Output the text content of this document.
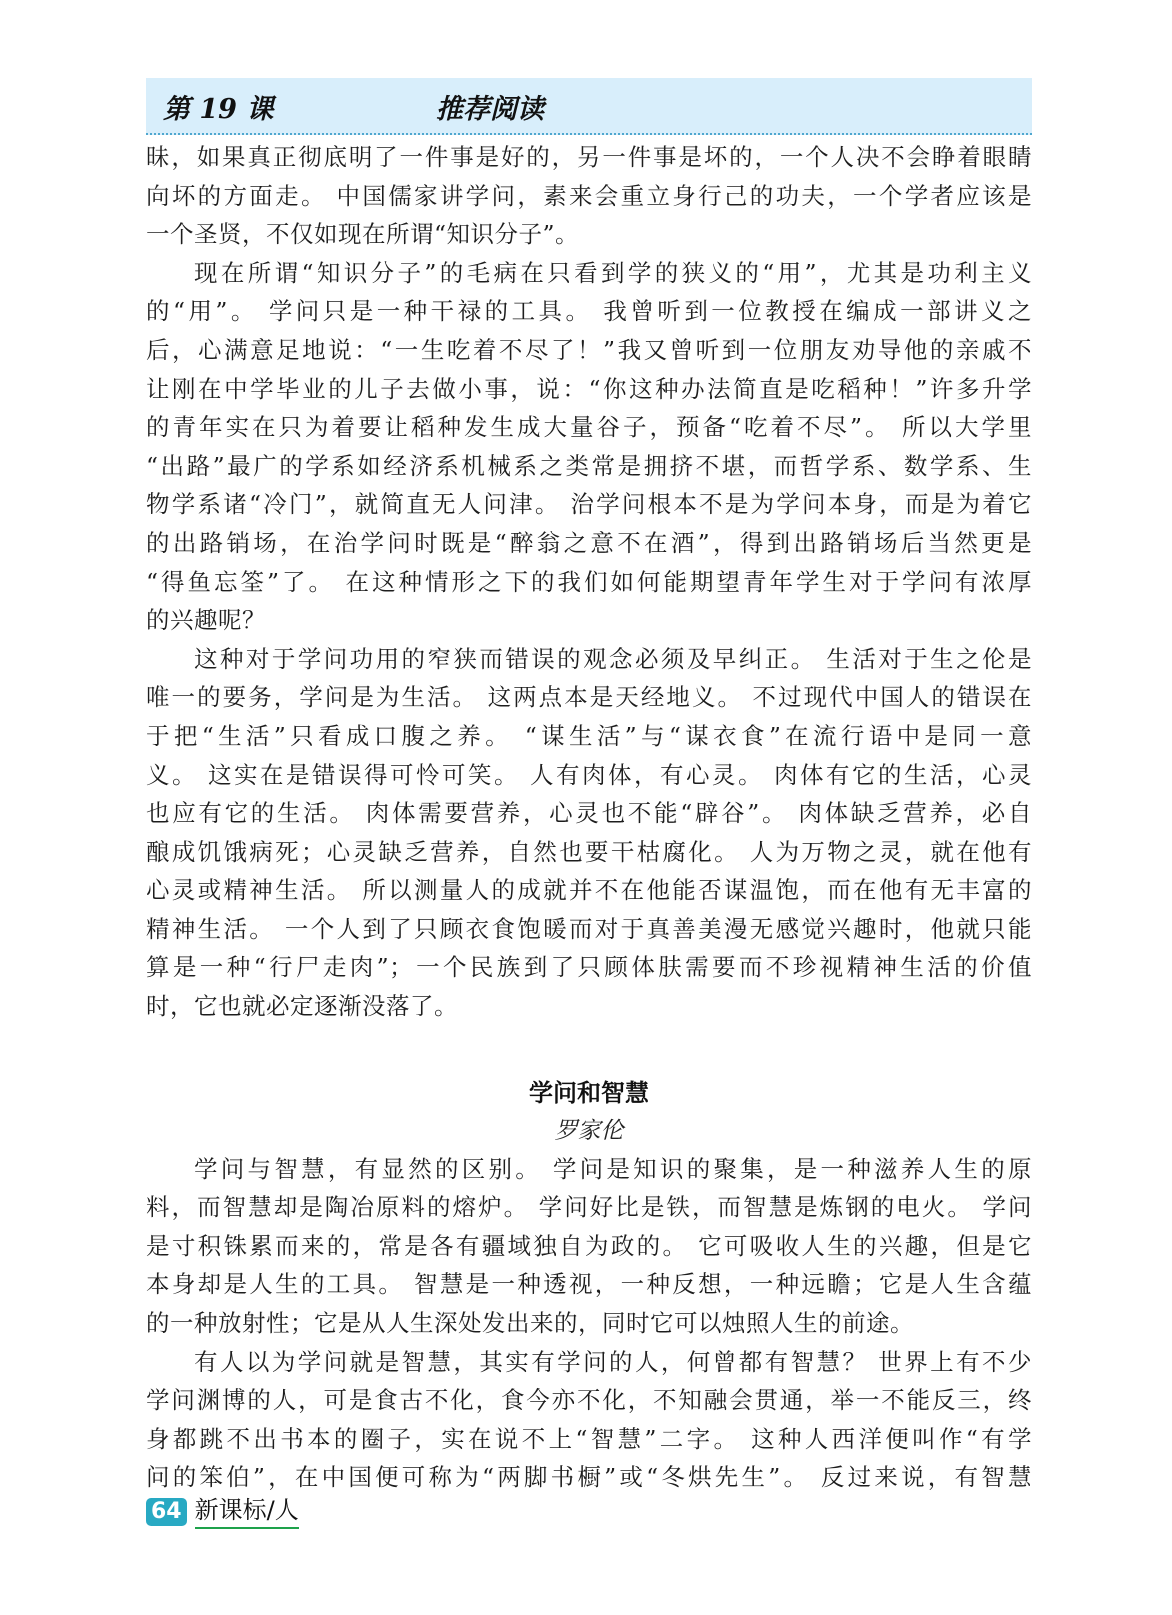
第 19 课	推荐阅读

昧，如果真正彻底明了一件事是好的，另一件事是坏的，一个人决不会睁着眼睛
向坏的方面走。 中国儒家讲学问，素来会重立身行己的功夫，一个学者应该是
一个圣贤，不仅如现在所谓“知识分子”。

现在所谓“知识分子”的毛病在只看到学的狭义的“用”，尤其是功利主义
的“用”。 学问只是一种干禄的工具。 我曾听到一位教授在编成一部讲义之
后，心满意足地说：“一生吃着不尽了！”我又曾听到一位朋友劝导他的亲戚不
让刚在中学毕业的儿子去做小事，说：“你这种办法简直是吃稻种！”许多升学
的青年实在只为着要让稻种发生成大量谷子，预备“吃着不尽”。 所以大学里
“出路”最广的学系如经济系机械系之类常是拥挤不堪，而哲学系、数学系、生
物学系诸“冷门”，就简直无人问津。 治学问根本不是为学问本身，而是为着它
的出路销场，在治学问时既是“醉翁之意不在酒”，得到出路销场后当然更是
“得鱼忘筌”了。 在这种情形之下的我们如何能期望青年学生对于学问有浓厚
的兴趣呢？

这种对于学问功用的窄狭而错误的观念必须及早纠正。 生活对于生之伦是
唯一的要务，学问是为生活。 这两点本是天经地义。 不过现代中国人的错误在
于把“生活”只看成口腹之养。 “谋生活”与“谋衣食”在流行语中是同一意
义。 这实在是错误得可怜可笑。 人有肉体，有心灵。 肉体有它的生活，心灵
也应有它的生活。 肉体需要营养，心灵也不能“辟谷”。 肉体缺乏营养，必自
酿成饥饿病死；心灵缺乏营养，自然也要干枯腐化。 人为万物之灵，就在他有
心灵或精神生活。 所以测量人的成就并不在他能否谋温饱，而在他有无丰富的
精神生活。 一个人到了只顾衣食饱暖而对于真善美漫无感觉兴趣时，他就只能
算是一种“行尸走肉”；一个民族到了只顾体肤需要而不珍视精神生活的价值
时，它也就必定逐渐没落了。

学问和智慧

罗家伦

学问与智慧，有显然的区别。 学问是知识的聚集，是一种滋养人生的原
料，而智慧却是陶冶原料的熔炉。 学问好比是铁，而智慧是炼钢的电火。 学问
是寸积铢累而来的，常是各有疆域独自为政的。 它可吸收人生的兴趣，但是它
本身却是人生的工具。 智慧是一种透视，一种反想，一种远瞻；它是人生含蕴
的一种放射性；它是从人生深处发出来的，同时它可以烛照人生的前途。

有人以为学问就是智慧，其实有学问的人，何曾都有智慧？ 世界上有不少
学问渊博的人，可是食古不化，食今亦不化，不知融会贯通，举一不能反三，终
身都跳不出书本的圈子，实在说不上“智慧”二字。 这种人西洋便叫作“有学
问的笨伯”，在中国便可称为“两脚书橱”或“冬烘先生”。 反过来说，有智慧

64 新课标/人
